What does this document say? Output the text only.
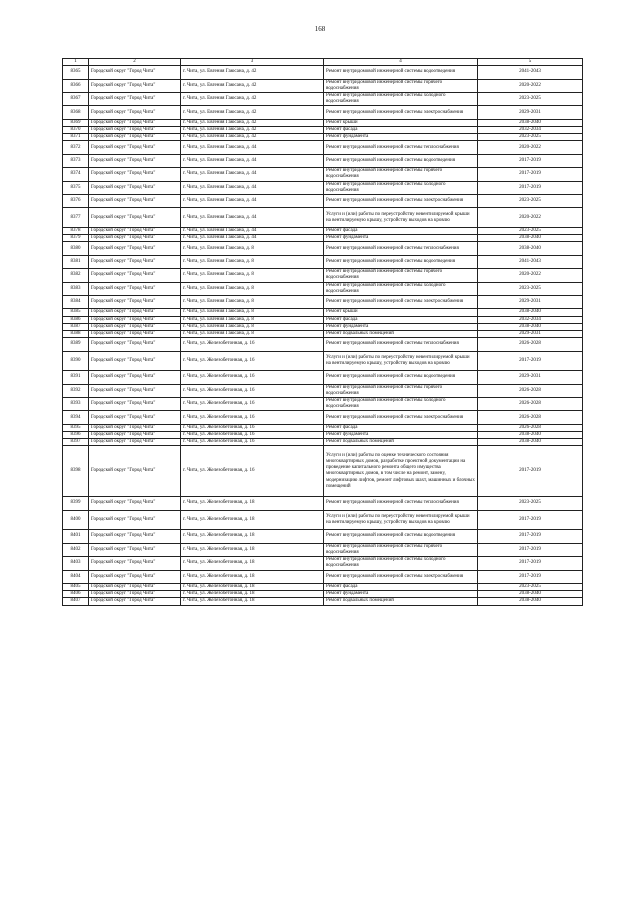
168
1	2	3	4	5
8365	Городской округ "Город Чита"	г. Чита, ул. Евгения Гаюсана, д. 42	Ремонт внутридомовой инженерной системы водоотведения	2041-2043
8366	Городской округ "Город Чита"	г. Чита, ул. Евгения Гаюсана, д. 42	Ремонт внутридомовой инженерной системы горячего водоснабжения	2020-2022
8367	Городской округ "Город Чита"	г. Чита, ул. Евгения Гаюсана, д. 42	Ремонт внутридомовой инженерной системы холодного водоснабжения	2023-2025
8368	Городской округ "Город Чита"	г. Чита, ул. Евгения Гаюсана, д. 42	Ремонт внутридомовой инженерной системы электроснабжения	2029-2031
8369	Городской округ "Город Чита"	г. Чита, ул. Евгения Гаюсана, д. 42	Ремонт крыши	2038-2040
8370	Городской округ "Город Чита"	г. Чита, ул. Евгения Гаюсана, д. 42	Ремонт фасада	2032-2034
8371	Городской округ "Город Чита"	г. Чита, ул. Евгения Гаюсана, д. 42	Ремонт фундамента	2023-2025
8372	Городской округ "Город Чита"	г. Чита, ул. Евгения Гаюсана, д. 44	Ремонт внутридомовой инженерной системы теплоснабжения	2020-2022
8373	Городской округ "Город Чита"	г. Чита, ул. Евгения Гаюсана, д. 44	Ремонт внутридомовой инженерной системы водоотведения	2017-2019
8374	Городской округ "Город Чита"	г. Чита, ул. Евгения Гаюсана, д. 44	Ремонт внутридомовой инженерной системы горячего водоснабжения	2017-2019
8375	Городской округ "Город Чита"	г. Чита, ул. Евгения Гаюсана, д. 44	Ремонт внутридомовой инженерной системы холодного водоснабжения	2017-2019
8376	Городской округ "Город Чита"	г. Чита, ул. Евгения Гаюсана, д. 44	Ремонт внутридомовой инженерной системы электроснабжения	2023-2025
8377	Городской округ "Город Чита"	г. Чита, ул. Евгения Гаюсана, д. 44	Услуги и (или) работы по переустройству невентилируемой крыши на вентилируемую крышу, устройству выходов на кровлю	2020-2022
8378	Городской округ "Город Чита"	г. Чита, ул. Евгения Гаюсана, д. 44	Ремонт фасада	2023-2025
8379	Городской округ "Город Чита"	г. Чита, ул. Евгения Гаюсана, д. 44	Ремонт фундамента	2038-2040
8380	Городской округ "Город Чита"	г. Чита, ул. Евгения Гаюсана, д. 8	Ремонт внутридомовой инженерной системы теплоснабжения	2038-2040
8381	Городской округ "Город Чита"	г. Чита, ул. Евгения Гаюсана, д. 8	Ремонт внутридомовой инженерной системы водоотведения	2041-2043
8382	Городской округ "Город Чита"	г. Чита, ул. Евгения Гаюсана, д. 8	Ремонт внутридомовой инженерной системы горячего водоснабжения	2020-2022
8383	Городской округ "Город Чита"	г. Чита, ул. Евгения Гаюсана, д. 8	Ремонт внутридомовой инженерной системы холодного водоснабжения	2023-2025
8384	Городской округ "Город Чита"	г. Чита, ул. Евгения Гаюсана, д. 8	Ремонт внутридомовой инженерной системы электроснабжения	2029-2031
8385	Городской округ "Город Чита"	г. Чита, ул. Евгения Гаюсана, д. 8	Ремонт крыши	2038-2040
8386	Городской округ "Город Чита"	г. Чита, ул. Евгения Гаюсана, д. 8	Ремонт фасада	2032-2034
8387	Городской округ "Город Чита"	г. Чита, ул. Евгения Гаюсана, д. 8	Ремонт фундамента	2038-2040
8388	Городской округ "Город Чита"	г. Чита, ул. Евгения Гаюсана, д. 8	Ремонт подвальных помещений	2029-2031
8389	Городской округ "Город Чита"	г. Чита, ул. Железобетонная, д. 16	Ремонт внутридомовой инженерной системы теплоснабжения	2026-2028
8390	Городской округ "Город Чита"	г. Чита, ул. Железобетонная, д. 16	Услуги и (или) работы по переустройству невентилируемой крыши на вентилируемую крышу, устройству выходов на кровлю	2017-2019
8391	Городской округ "Город Чита"	г. Чита, ул. Железобетонная, д. 16	Ремонт внутридомовой инженерной системы водоотведения	2029-2031
8392	Городской округ "Город Чита"	г. Чита, ул. Железобетонная, д. 16	Ремонт внутридомовой инженерной системы горячего водоснабжения	2026-2028
8393	Городской округ "Город Чита"	г. Чита, ул. Железобетонная, д. 16	Ремонт внутридомовой инженерной системы холодного водоснабжения	2026-2028
8394	Городской округ "Город Чита"	г. Чита, ул. Железобетонная, д. 16	Ремонт внутридомовой инженерной системы электроснабжения	2026-2028
8395	Городской округ "Город Чита"	г. Чита, ул. Железобетонная, д. 16	Ремонт фасада	2026-2028
8396	Городской округ "Город Чита"	г. Чита, ул. Железобетонная, д. 16	Ремонт фундамента	2038-2040
8397	Городской округ "Город Чита"	г. Чита, ул. Железобетонная, д. 16	Ремонт подвальных помещений	2038-2040
8398	Городской округ "Город Чита"	г. Чита, ул. Железобетонная, д. 16	Услуги и (или) работы по оценке технического состояния многоквартирных домов, разработке проектной документации на проведение капитального ремонта общего имущества многоквартирных домов, в том числе на ремонт, замену, модернизацию лифтов, ремонт лифтовых шахт, машинных и блочных помещений	2017-2019
8399	Городской округ "Город Чита"	г. Чита, ул. Железобетонная, д. 18	Ремонт внутридомовой инженерной системы теплоснабжения	2023-2025
8400	Городской округ "Город Чита"	г. Чита, ул. Железобетонная, д. 18	Услуги и (или) работы по переустройству невентилируемой крыши на вентилируемую крышу, устройству выходов на кровлю	2017-2019
8401	Городской округ "Город Чита"	г. Чита, ул. Железобетонная, д. 18	Ремонт внутридомовой инженерной системы водоотведения	2017-2019
8402	Городской округ "Город Чита"	г. Чита, ул. Железобетонная, д. 18	Ремонт внутридомовой инженерной системы горячего водоснабжения	2017-2019
8403	Городской округ "Город Чита"	г. Чита, ул. Железобетонная, д. 18	Ремонт внутридомовой инженерной системы холодного водоснабжения	2017-2019
8404	Городской округ "Город Чита"	г. Чита, ул. Железобетонная, д. 18	Ремонт внутридомовой инженерной системы электроснабжения	2017-2019
8405	Городской округ "Город Чита"	г. Чита, ул. Железобетонная, д. 18	Ремонт фасада	2023-2025
8406	Городской округ "Город Чита"	г. Чита, ул. Железобетонная, д. 18	Ремонт фундамента	2038-2040
8407	Городской округ "Город Чита"	г. Чита, ул. Железобетонная, д. 18	Ремонт подвальных помещений	2038-2040
